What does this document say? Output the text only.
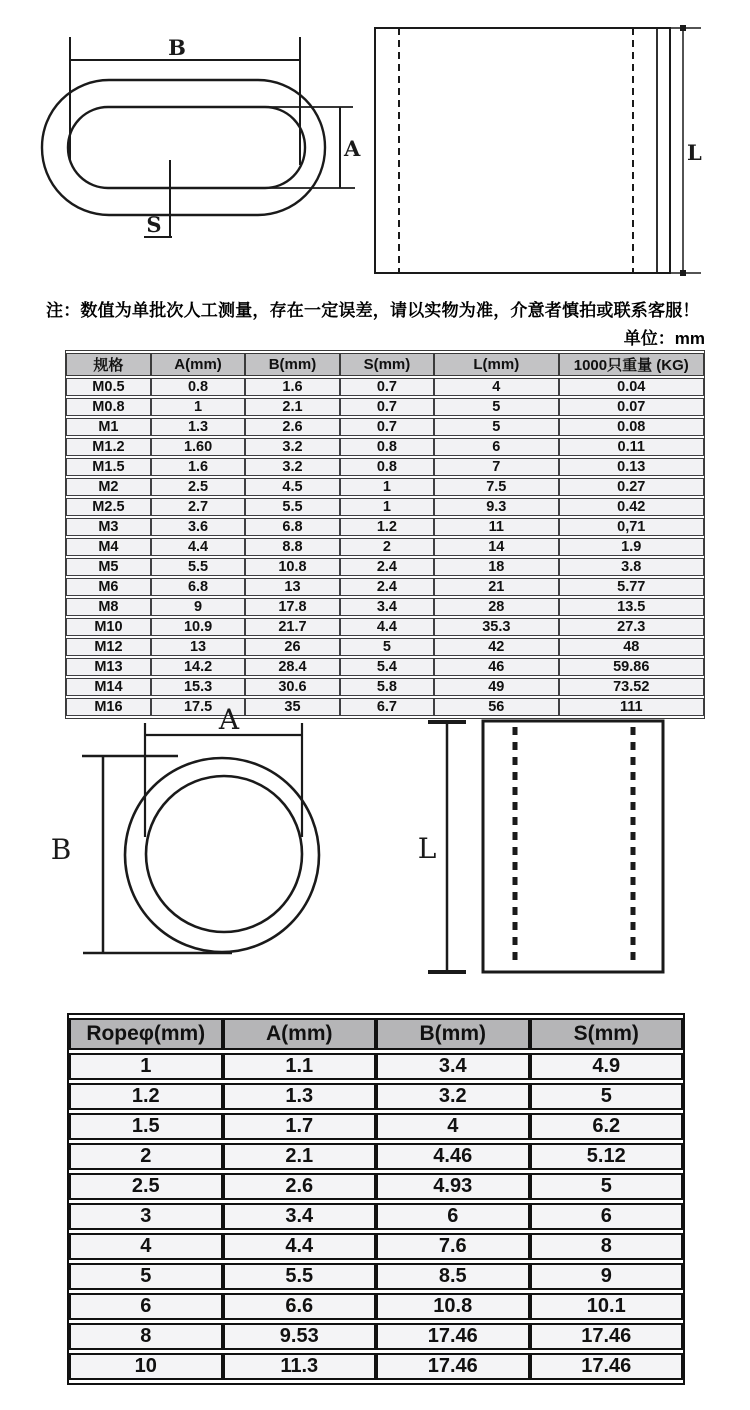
B
A
S
L
注：数值为单批次人工测量，存在一定误差，请以实物为准，介意者慎拍或联系客服！
单位：mm
规格	A(mm)	B(mm)	S(mm)	L(mm)	1000只重量 (KG)
M0.5	0.8	1.6	0.7	4	0.04
M0.8	1	2.1	0.7	5	0.07
M1	1.3	2.6	0.7	5	0.08
M1.2	1.60	3.2	0.8	6	0.11
M1.5	1.6	3.2	0.8	7	0.13
M2	2.5	4.5	1	7.5	0.27
M2.5	2.7	5.5	1	9.3	0.42
M3	3.6	6.8	1.2	11	0,71
M4	4.4	8.8	2	14	1.9
M5	5.5	10.8	2.4	18	3.8
M6	6.8	13	2.4	21	5.77
M8	9	17.8	3.4	28	13.5
M10	10.9	21.7	4.4	35.3	27.3
M12	13	26	5	42	48
M13	14.2	28.4	5.4	46	59.86
M14	15.3	30.6	5.8	49	73.52
M16	17.5	35	6.7	56	111
A
B	L
Ropeφ(mm)	A(mm)	B(mm)	S(mm)
1	1.1	3.4	4.9
1.2	1.3	3.2	5
1.5	1.7	4	6.2
2	2.1	4.46	5.12
2.5	2.6	4.93	5
3	3.4	6	6
4	4.4	7.6	8
5	5.5	8.5	9
6	6.6	10.8	10.1
8	9.53	17.46	17.46
10	11.3	17.46	17.46
